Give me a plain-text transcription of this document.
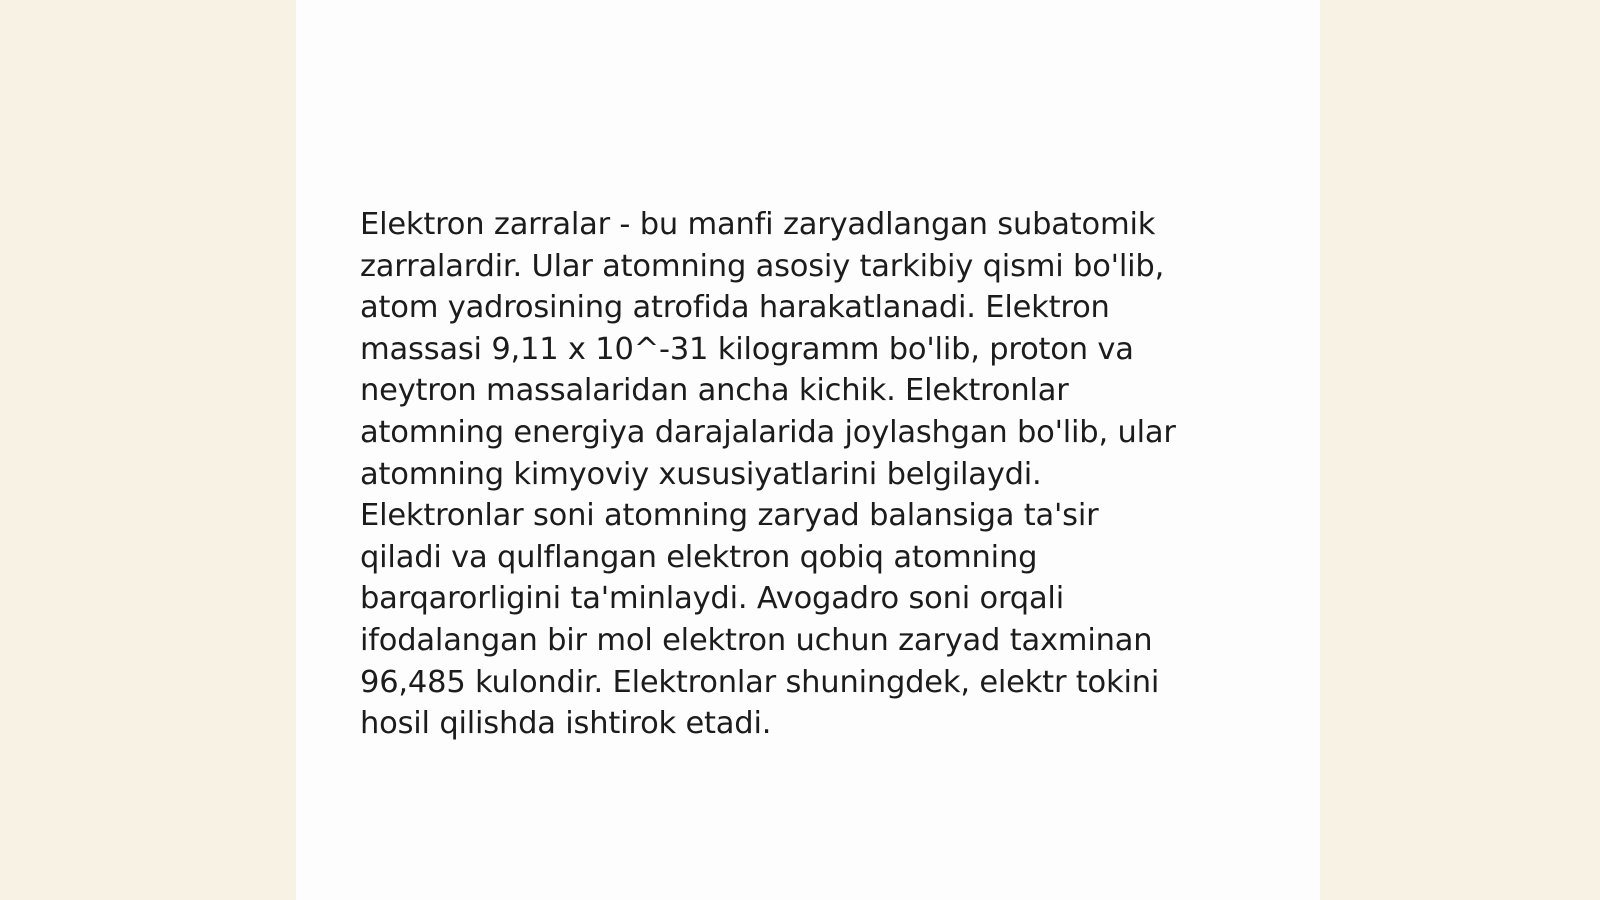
Elektron zarralar - bu manfi zaryadlangan subatomik
zarralardir. Ular atomning asosiy tarkibiy qismi bo'lib,
atom yadrosining atrofida harakatlanadi. Elektron
massasi 9,11 x 10^-31 kilogramm bo'lib, proton va
neytron massalaridan ancha kichik. Elektronlar
atomning energiya darajalarida joylashgan bo'lib, ular
atomning kimyoviy xususiyatlarini belgilaydi.
Elektronlar soni atomning zaryad balansiga ta'sir
qiladi va qulflangan elektron qobiq atomning
barqarorligini ta'minlaydi. Avogadro soni orqali
ifodalangan bir mol elektron uchun zaryad taxminan
96,485 kulondir. Elektronlar shuningdek, elektr tokini
hosil qilishda ishtirok etadi.
